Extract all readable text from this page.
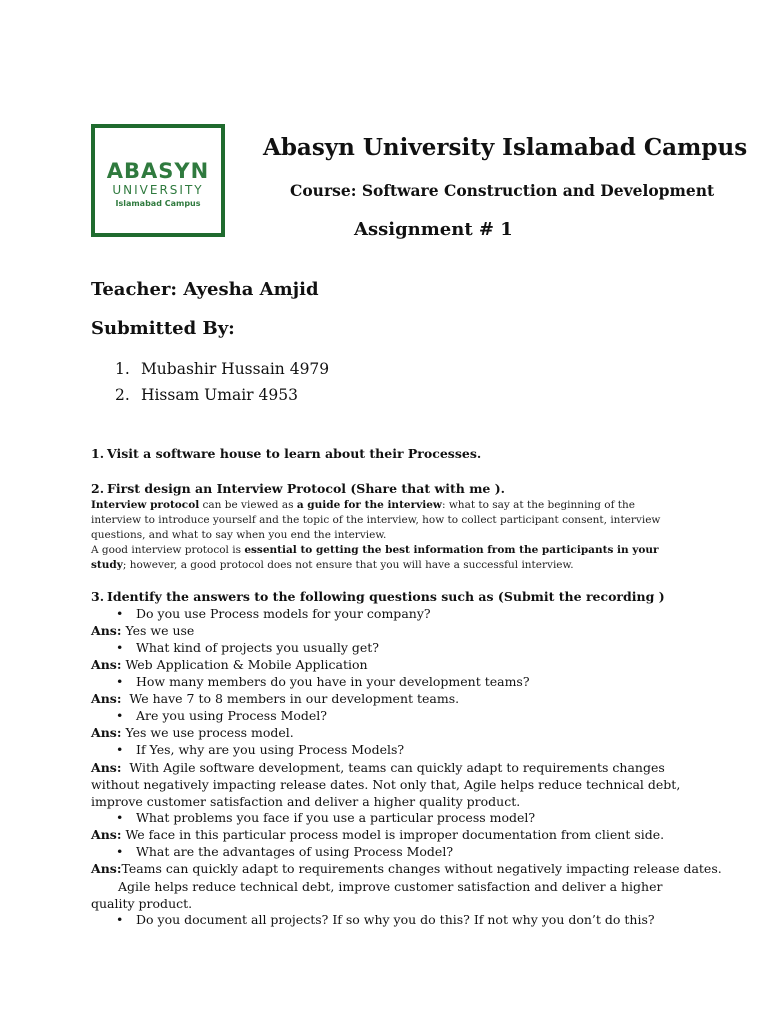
ABASYN
UNIVERSITY
Islamabad Campus
Abasyn University Islamabad Campus
Course: Software Construction and Development
Assignment # 1
Teacher: Ayesha Amjid
Submitted By:
1. Mubashir Hussain 4979
2. Hissam Umair 4953
1. Visit a software house to learn about their Processes.
2. First design an Interview Protocol (Share that with me ).
Interview protocol can be viewed as a guide for the interview: what to say at the beginning of the interview to introduce yourself and the topic of the interview, how to collect participant consent, interview questions, and what to say when you end the interview.
A good interview protocol is essential to getting the best information from the participants in your study; however, a good protocol does not ensure that you will have a successful interview.
3. Identify the answers to the following questions such as (Submit the recording )
• Do you use Process models for your company?
Ans: Yes we use
• What kind of projects you usually get?
Ans: Web Application & Mobile Application
• How many members do you have in your development teams?
Ans:  We have 7 to 8 members in our development teams.
• Are you using Process Model?
Ans: Yes we use process model.
• If Yes, why are you using Process Models?
Ans:  With Agile software development, teams can quickly adapt to requirements changes without negatively impacting release dates. Not only that, Agile helps reduce technical debt, improve customer satisfaction and deliver a higher quality product.
• What problems you face if you use a particular process model?
Ans: We face in this particular process model is improper documentation from client side.
• What are the advantages of using Process Model?
Ans:Teams can quickly adapt to requirements changes without negatively impacting release dates.
Agile helps reduce technical debt, improve customer satisfaction and deliver a higher quality product.
• Do you document all projects? If so why you do this? If not why you don’t do this?
